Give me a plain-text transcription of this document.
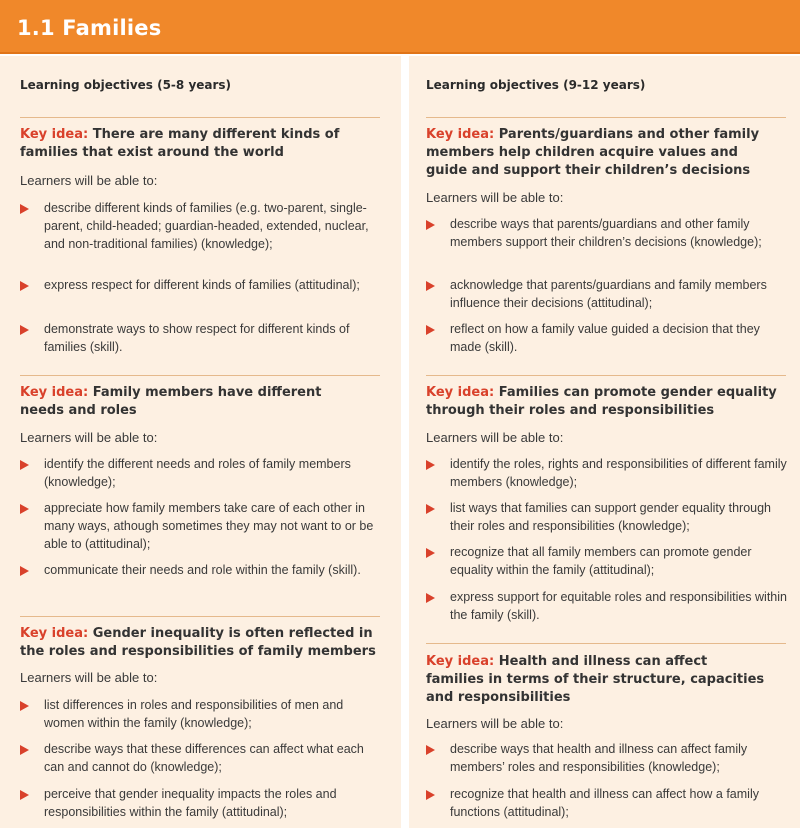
1.1 Families
Learning objectives (5-8 years)
Key idea: There are many different kinds of families that exist around the world
Learners will be able to:
describe different kinds of families (e.g. two-parent, single-parent, child-headed; guardian-headed, extended, nuclear, and non-traditional families) (knowledge);
express respect for different kinds of families (attitudinal);
demonstrate ways to show respect for different kinds of families (skill).
Key idea: Family members have different needs and roles
Learners will be able to:
identify the different needs and roles of family members (knowledge);
appreciate how family members take care of each other in many ways, athough sometimes they may not want to or be able to (attitudinal);
communicate their needs and role within the family (skill).
Key idea: Gender inequality is often reflected in the roles and responsibilities of family members
Learners will be able to:
list differences in roles and responsibilities of men and women within the family (knowledge);
describe ways that these differences can affect what each can and cannot do (knowledge);
perceive that gender inequality impacts the roles and responsibilities within the family (attitudinal);
Learning objectives (9-12 years)
Key idea: Parents/guardians and other family members help children acquire values and guide and support their children’s decisions
Learners will be able to:
describe ways that parents/guardians and other family members support their children’s decisions (knowledge);
acknowledge that parents/guardians and family members influence their decisions (attitudinal);
reflect on how a family value guided a decision that they made (skill).
Key idea: Families can promote gender equality through their roles and responsibilities
Learners will be able to:
identify the roles, rights and responsibilities of different family members (knowledge);
list ways that families can support gender equality through their roles and responsibilities (knowledge);
recognize that all family members can promote gender equality within the family (attitudinal);
express support for equitable roles and responsibilities within the family (skill).
Key idea: Health and illness can affect families in terms of their structure, capacities and responsibilities
Learners will be able to:
describe ways that health and illness can affect family members’ roles and responsibilities (knowledge);
recognize that health and illness can affect how a family functions (attitudinal);
